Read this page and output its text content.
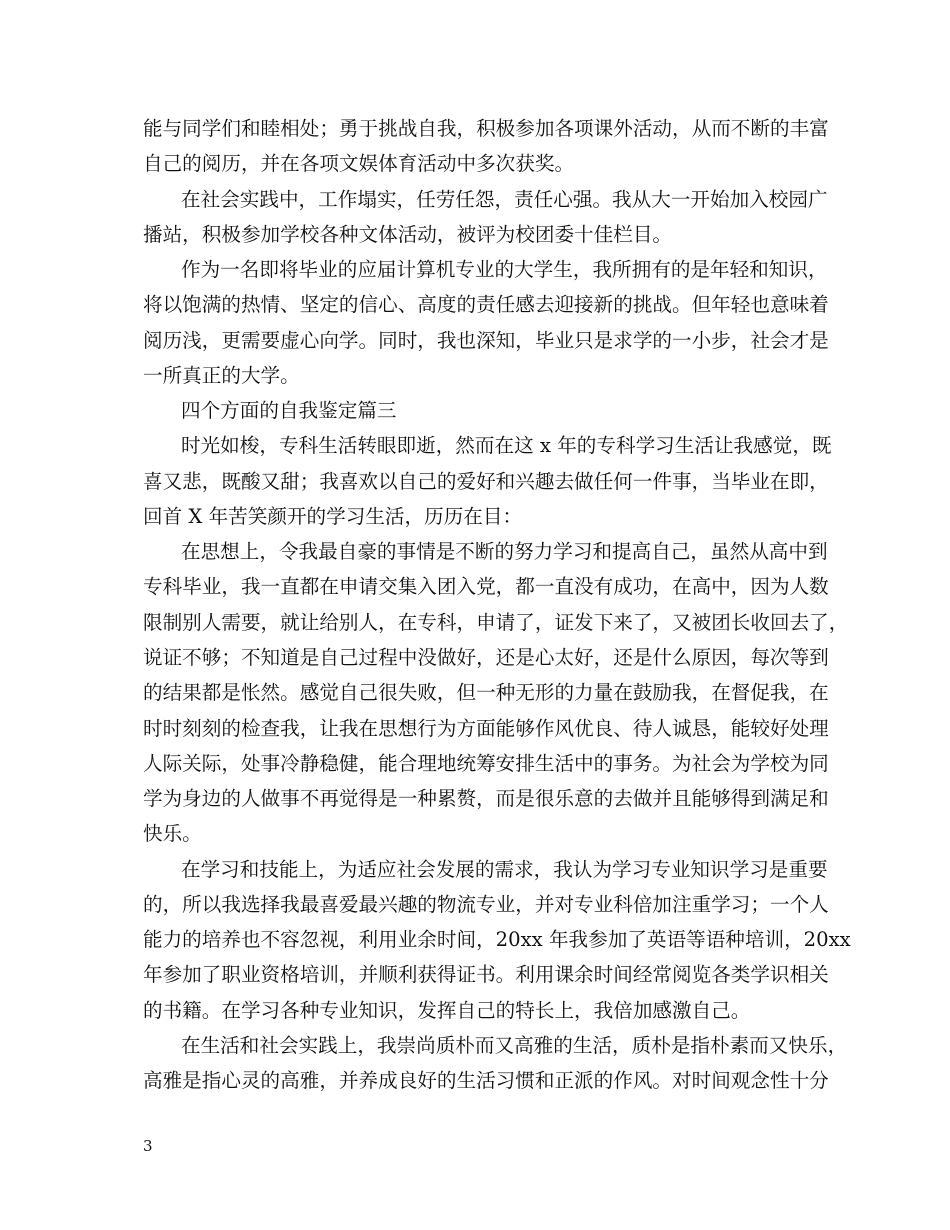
能与同学们和睦相处；勇于挑战自我，积极参加各项课外活动，从而不断的丰富
自己的阅历，并在各项文娱体育活动中多次获奖。
在社会实践中，工作塌实，任劳任怨，责任心强。我从大一开始加入校园广
播站，积极参加学校各种文体活动，被评为校团委十佳栏目。
作为一名即将毕业的应届计算机专业的大学生，我所拥有的是年轻和知识，
将以饱满的热情、坚定的信心、高度的责任感去迎接新的挑战。但年轻也意味着
阅历浅，更需要虚心向学。同时，我也深知，毕业只是求学的一小步，社会才是
一所真正的大学。
四个方面的自我鉴定篇三
时光如梭，专科生活转眼即逝，然而在这 x 年的专科学习生活让我感觉，既
喜又悲，既酸又甜；我喜欢以自己的爱好和兴趣去做任何一件事，当毕业在即，
回首 X 年苦笑颜开的学习生活，历历在目：
在思想上，令我最自豪的事情是不断的努力学习和提高自己，虽然从高中到
专科毕业，我一直都在申请交集入团入党，都一直没有成功，在高中，因为人数
限制别人需要，就让给别人，在专科，申请了，证发下来了，又被团长收回去了，
说证不够；不知道是自己过程中没做好，还是心太好，还是什么原因，每次等到
的结果都是怅然。感觉自己很失败，但一种无形的力量在鼓励我，在督促我，在
时时刻刻的检查我，让我在思想行为方面能够作风优良、待人诚恳，能较好处理
人际关际，处事冷静稳健，能合理地统筹安排生活中的事务。为社会为学校为同
学为身边的人做事不再觉得是一种累赘，而是很乐意的去做并且能够得到满足和
快乐。
在学习和技能上，为适应社会发展的需求，我认为学习专业知识学习是重要
的，所以我选择我最喜爱最兴趣的物流专业，并对专业科倍加注重学习；一个人
能力的培养也不容忽视，利用业余时间，20xx 年我参加了英语等语种培训，20xx
年参加了职业资格培训，并顺利获得证书。利用课余时间经常阅览各类学识相关
的书籍。在学习各种专业知识，发挥自己的特长上，我倍加感激自己。
在生活和社会实践上，我崇尚质朴而又高雅的生活，质朴是指朴素而又快乐，
高雅是指心灵的高雅，并养成良好的生活习惯和正派的作风。对时间观念性十分
3
